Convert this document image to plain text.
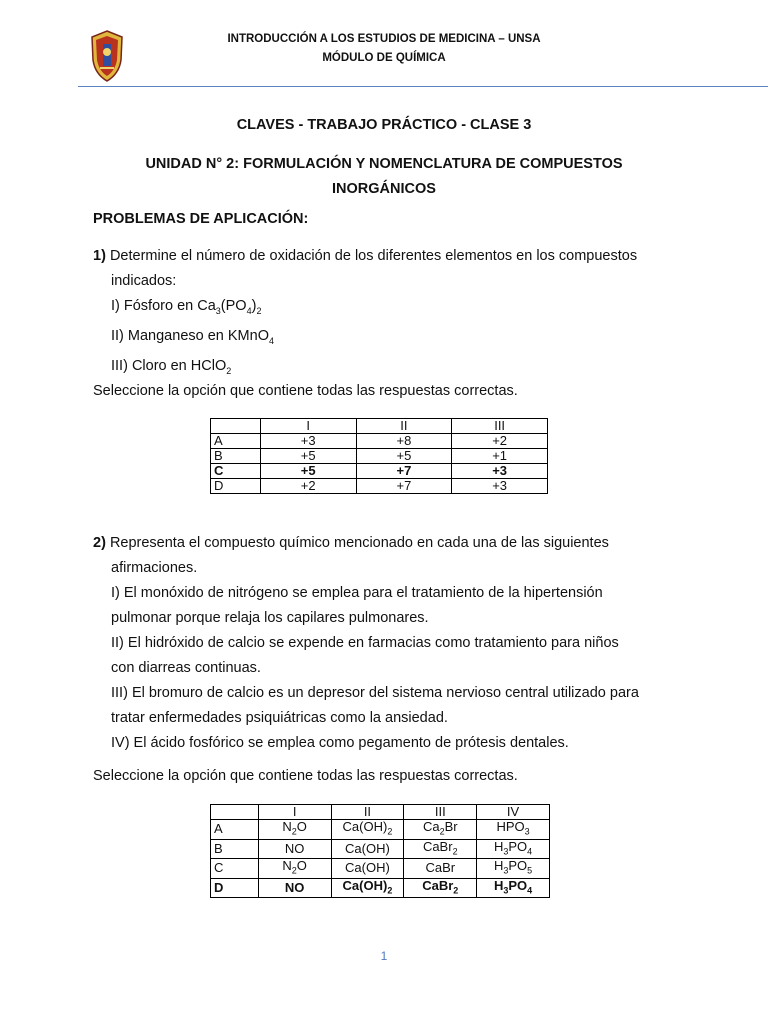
INTRODUCCIÓN A LOS ESTUDIOS DE MEDICINA – UNSA
MÓDULO DE QUÍMICA
CLAVES - TRABAJO PRÁCTICO - CLASE 3
UNIDAD N° 2: FORMULACIÓN Y NOMENCLATURA DE COMPUESTOS
INORGÁNICOS
PROBLEMAS DE APLICACIÓN:
1) Determine el número de oxidación de los diferentes elementos en los compuestos
indicados:
I) Fósforo en $Ca_3(PO_4)_2$
II) Manganeso en KMnO$_4$
III) Cloro en HClO$_2$
Seleccione la opción que contiene todas las respuestas correctas.
	I	II	III
A	+3	+8	+2
B	+5	+5	+1
C	+5	+7	+3
D	+2	+7	+3
2) Representa el compuesto químico mencionado en cada una de las siguientes
afirmaciones.
I) El monóxido de nitrógeno se emplea para el tratamiento de la hipertensión
pulmonar porque relaja los capilares pulmonares.
II) El hidróxido de calcio se expende en farmacias como tratamiento para niños
con diarreas continuas.
III) El bromuro de calcio es un depresor del sistema nervioso central utilizado para
tratar enfermedades psiquiátricas como la ansiedad.
IV) El ácido fosfórico se emplea como pegamento de prótesis dentales.
Seleccione la opción que contiene todas las respuestas correctas.
	I	II	III	IV
A	$N_2O$	$Ca(OH)_2$	$Ca_2Br$	$HPO_3$
B	NO	Ca(OH)	CaBr$_2$	$H_3PO_4$
C	$N_2O$	Ca(OH)	CaBr	$H_3PO_5$
D	NO	$Ca(OH)_2$	CaBr$_2$	$H_3PO_4$
1
